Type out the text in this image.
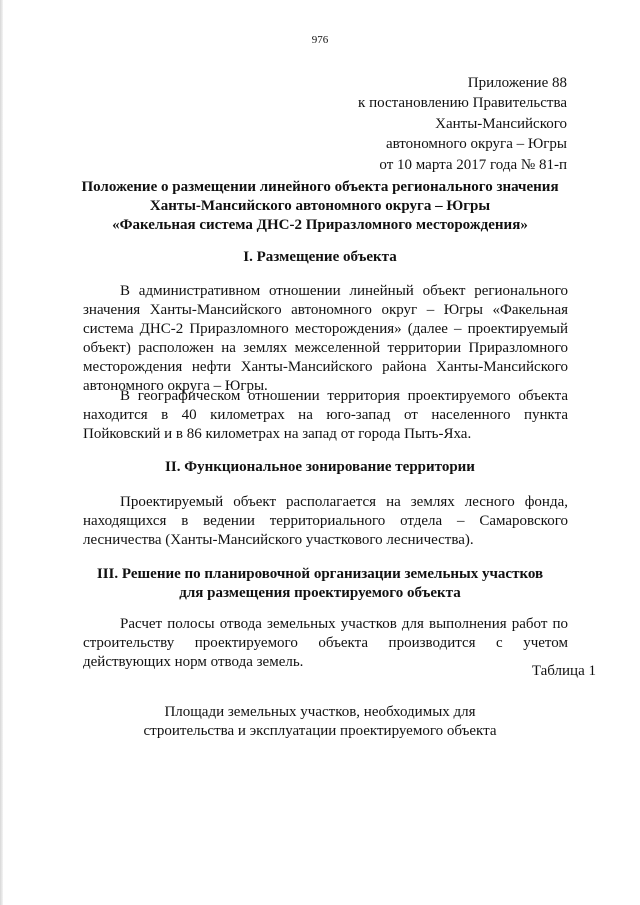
976
Приложение 88
к постановлению Правительства
Ханты-Мансийского
автономного округа – Югры
от 10 марта 2017 года № 81-п
Положение о размещении линейного объекта регионального значения
Ханты-Мансийского автономного округа – Югры
«Факельная система ДНС-2 Приразломного месторождения»
I. Размещение объекта

В административном отношении линейный объект регионального значения Ханты-Мансийского автономного округ – Югры «Факельная система ДНС-2 Приразломного месторождения» (далее – проектируемый объект) расположен на землях межселенной территории Приразломного месторождения нефти Ханты-Мансийского района Ханты-Мансийского автономного округа – Югры.

В географическом отношении территория проектируемого объекта находится в 40 километрах на юго-запад от населенного пункта Пойковский и в 86 километрах на запад от города Пыть-Яха.

II. Функциональное зонирование территории

Проектируемый объект располагается на землях лесного фонда, находящихся в ведении территориального отдела – Самаровского лесничества (Ханты-Мансийского участкового лесничества).

III. Решение по планировочной организации земельных участков
для размещения проектируемого объекта

Расчет полосы отвода земельных участков для выполнения работ по строительству проектируемого объекта производится с учетом действующих норм отвода земель.

Таблица 1
Площади земельных участков, необходимых для
строительства и эксплуатации проектируемого объекта
